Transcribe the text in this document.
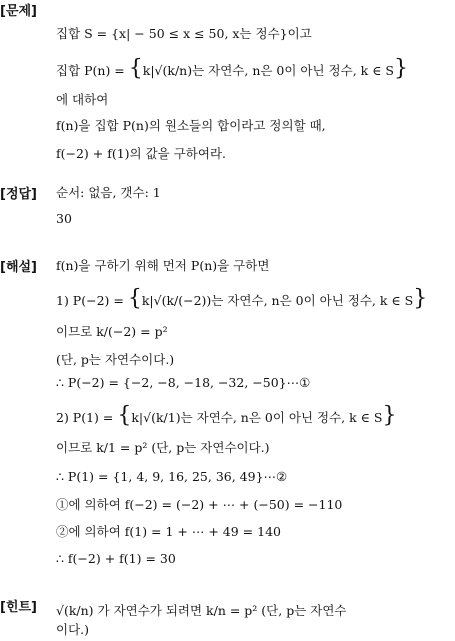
[문제]
집합 S = {x| − 50 ≤ x ≤ 50, x는 정수}이고
집합 P(n) = {k|√(k/n)는 자연수, n은 0이 아닌 정수, k ∈ S}
에 대하여
f(n)을 집합 P(n)의 원소들의 합이라고 정의할 때,
f(−2) + f(1)의 값을 구하여라.
[정답] 순서: 없음, 갯수: 1
30
[해설] f(n)을 구하기 위해 먼저 P(n)을 구하면
1) P(−2) = {k|√(k/(−2))는 자연수, n은 0이 아닌 정수, k ∈ S}
이므로 k/(−2) = p²
(단, p는 자연수이다.)
∴ P(−2) = {−2, −8, −18, −32, −50}⋯①
2) P(1) = {k|√(k/1)는 자연수, n은 0이 아닌 정수, k ∈ S}
이므로 k/1 = p² (단, p는 자연수이다.)
∴ P(1) = {1, 4, 9, 16, 25, 36, 49}⋯②
①에 의하여 f(−2) = (−2) + ⋯ + (−50) = −110
②에 의하여 f(1) = 1 + ⋯ + 49 = 140
∴ f(−2) + f(1) = 30
[힌트] √(k/n) 가 자연수가 되려면 k/n = p² (단, p는 자연수
이다.)
